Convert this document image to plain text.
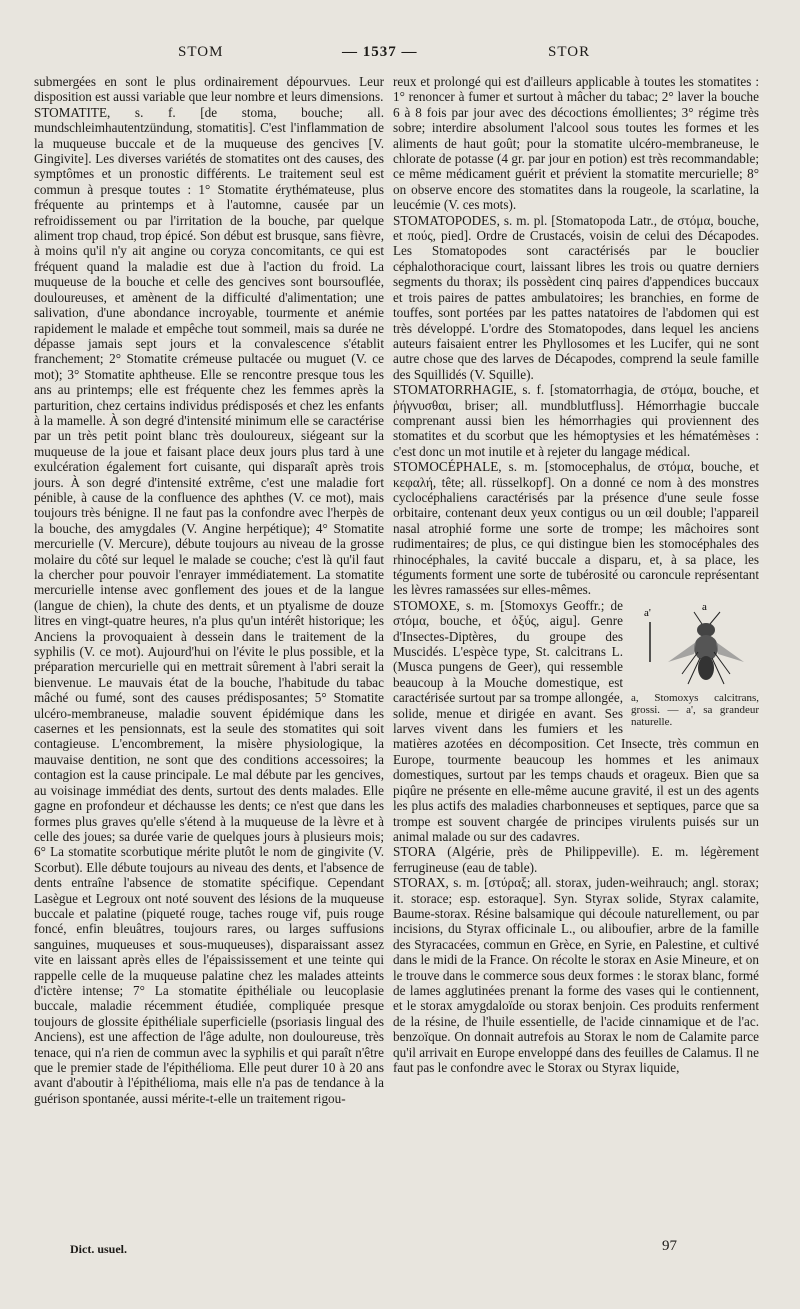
STOM	— 1537 —	STOR

submergées en sont le plus ordinairement dépourvues. Leur disposition est aussi variable que leur nombre et leurs dimensions.

STOMATITE, s. f. [de stoma, bouche; all. mundschleimhautentzündung, stomatitis]. C'est l'inflammation de la muqueuse buccale et de la muqueuse des gencives [V. Gingivite]. Les diverses variétés de stomatites ont des causes, des symptômes et un pronostic différents. Le traitement seul est commun à presque toutes : 1° Stomatite érythémateuse, plus fréquente au printemps et à l'automne, causée par un refroidissement ou par l'irritation de la bouche, par quelque aliment trop chaud, trop épicé. Son début est brusque, sans fièvre, à moins qu'il n'y ait angine ou coryza concomitants, ce qui est fréquent quand la maladie est due à l'action du froid. La muqueuse de la bouche et celle des gencives sont boursouflée, douloureuses, et amènent de la difficulté d'alimentation; une salivation, d'une abondance incroyable, tourmente et anémie rapidement le malade et empêche tout sommeil, mais sa durée ne dépasse jamais sept jours et la convalescence s'établit franchement; 2° Stomatite crémeuse pultacée ou muguet (V. ce mot); 3° Stomatite aphtheuse. Elle se rencontre presque tous les ans au printemps; elle est fréquente chez les femmes après la parturition, chez certains individus prédisposés et chez les enfants à la mamelle. À son degré d'intensité minimum elle se caractérise par un très petit point blanc très douloureux, siégeant sur la muqueuse de la joue et faisant place deux jours plus tard à une exulcération également fort cuisante, qui disparaît après trois jours. À son degré d'intensité extrême, c'est une maladie fort pénible, à cause de la confluence des aphthes (V. ce mot), mais toujours très bénigne. Il ne faut pas la confondre avec l'herpès de la bouche, des amygdales (V. Angine herpétique); 4° Stomatite mercurielle (V. Mercure), débute toujours au niveau de la grosse molaire du côté sur lequel le malade se couche; c'est là qu'il faut la chercher pour pouvoir l'enrayer immédiatement. La stomatite mercurielle intense avec gonflement des joues et de la langue (langue de chien), la chute des dents, et un ptyalisme de douze litres en vingt-quatre heures, n'a plus qu'un intérêt historique; les Anciens la provoquaient à dessein dans le traitement de la syphilis (V. ce mot). Aujourd'hui on l'évite le plus possible, et la préparation mercurielle qui en mettrait sûrement à l'abri serait la bienvenue. Le mauvais état de la bouche, l'habitude du tabac mâché ou fumé, sont des causes prédisposantes; 5° Stomatite ulcéro-membraneuse, maladie souvent épidémique dans les casernes et les pensionnats, est la seule des stomatites qui soit contagieuse. L'encombrement, la misère physiologique, la mauvaise dentition, ne sont que des conditions accessoires; la contagion est la cause principale. Le mal débute par les gencives, au voisinage immédiat des dents, surtout des dents malades. Elle gagne en profondeur et déchausse les dents; ce n'est que dans les formes plus graves qu'elle s'étend à la muqueuse de la lèvre et à celle des joues; sa durée varie de quelques jours à plusieurs mois; 6° La stomatite scorbutique mérite plutôt le nom de gingivite (V. Scorbut). Elle débute toujours au niveau des dents, et l'absence de dents entraîne l'absence de stomatite spécifique. Cependant Lasègue et Legroux ont noté souvent des lésions de la muqueuse buccale et palatine (piqueté rouge, taches rouge vif, puis rouge foncé, enfin bleuâtres, toujours rares, ou larges suffusions sanguines, muqueuses et sous-muqueuses), disparaissant assez vite en laissant après elles de l'épaississement et une teinte qui rappelle celle de la muqueuse palatine chez les malades atteints d'ictère intense; 7° La stomatite épithéliale ou leucoplasie buccale, maladie récemment étudiée, compliquée presque toujours de glossite épithéliale superficielle (psoriasis lingual des Anciens), est une affection de l'âge adulte, non douloureuse, très tenace, qui n'a rien de commun avec la syphilis et qui paraît n'être que le premier stade de l'épithélioma. Elle peut durer 10 à 20 ans avant d'aboutir à l'épithélioma, mais elle n'a pas de tendance à la guérison spontanée, aussi mérite-t-elle un traitement rigou-

reux et prolongé qui est d'ailleurs applicable à toutes les stomatites : 1° renoncer à fumer et surtout à mâcher du tabac; 2° laver la bouche 6 à 8 fois par jour avec des décoctions émollientes; 3° régime très sobre; interdire absolument l'alcool sous toutes les formes et les aliments de haut goût; pour la stomatite ulcéro-membraneuse, le chlorate de potasse (4 gr. par jour en potion) est très recommandable; ce même médicament guérit et prévient la stomatite mercurielle; 8° on observe encore des stomatites dans la rougeole, la scarlatine, la leucémie (V. ces mots).

STOMATOPODES, s. m. pl. [Stomatopoda Latr., de στόμα, bouche, et πούς, pied]. Ordre de Crustacés, voisin de celui des Décapodes. Les Stomatopodes sont caractérisés par le bouclier céphalothoracique court, laissant libres les trois ou quatre derniers segments du thorax; ils possèdent cinq paires d'appendices buccaux et trois paires de pattes ambulatoires; les branchies, en forme de touffes, sont portées par les pattes natatoires de l'abdomen qui est très développé. L'ordre des Stomatopodes, dans lequel les anciens auteurs faisaient entrer les Phyllosomes et les Lucifer, qui ne sont autre chose que des larves de Décapodes, comprend la seule famille des Squillidés (V. Squille).

STOMATORRHAGIE, s. f. [stomatorrhagia, de στόμα, bouche, et ῥήγνυσθαι, briser; all. mundblutfluss]. Hémorrhagie buccale comprenant aussi bien les hémorrhagies qui proviennent des stomatites et du scorbut que les hémoptysies et les hématémèses : c'est donc un mot inutile et à rejeter du langage médical.

STOMOCÉPHALE, s. m. [stomocephalus, de στόμα, bouche, et κεφαλή, tête; all. rüsselkopf]. On a donné ce nom à des monstres cyclocéphaliens caractérisés par la présence d'une seule fosse orbitaire, contenant deux yeux contigus ou un œil double; l'appareil nasal atrophié forme une sorte de trompe; les mâchoires sont rudimentaires; de plus, ce qui distingue bien les stomocéphales des rhinocéphales, la cavité buccale a disparu, et, à sa place, les téguments forment une sorte de tubérosité ou caroncule représentant les lèvres ramassées sur elles-mêmes.

a'	a
a, Stomoxys calcitrans, grossi. — a', sa grandeur naturelle.

STOMOXE, s. m. [Stomoxys Geoffr.; de στόμα, bouche, et ὀξύς, aigu]. Genre d'Insectes-Diptères, du groupe des Muscidés. L'espèce type, St. calcitrans L. (Musca pungens de Geer), qui ressemble beaucoup à la Mouche domestique, est caractérisée surtout par sa trompe allongée, solide, menue et dirigée en avant. Ses larves vivent dans les fumiers et les matières azotées en décomposition. Cet Insecte, très commun en Europe, tourmente beaucoup les hommes et les animaux domestiques, surtout par les temps chauds et orageux. Bien que sa piqûre ne présente en elle-même aucune gravité, il est un des agents les plus actifs des maladies charbonneuses et septiques, parce que sa trompe est souvent chargée de principes virulents puisés sur un animal malade ou sur des cadavres.

STORA (Algérie, près de Philippeville). E. m. légèrement ferrugineuse (eau de table).

STORAX, s. m. [στύραξ; all. storax, juden-weihrauch; angl. storax; it. storace; esp. estoraque]. Syn. Styrax solide, Styrax calamite, Baume-storax. Résine balsamique qui découle naturellement, ou par incisions, du Styrax officinale L., ou aliboufier, arbre de la famille des Styracacées, commun en Grèce, en Syrie, en Palestine, et cultivé dans le midi de la France. On récolte le storax en Asie Mineure, et on le trouve dans le commerce sous deux formes : le storax blanc, formé de lames agglutinées prenant la forme des vases qui le contiennent, et le storax amygdaloïde ou storax benjoin. Ces produits renferment de la résine, de l'huile essentielle, de l'acide cinnamique et de l'ac. benzoïque. On donnait autrefois au Storax le nom de Calamite parce qu'il arrivait en Europe enveloppé dans des feuilles de Calamus. Il ne faut pas le confondre avec le Storax ou Styrax liquide,

Dict. usuel.	97
